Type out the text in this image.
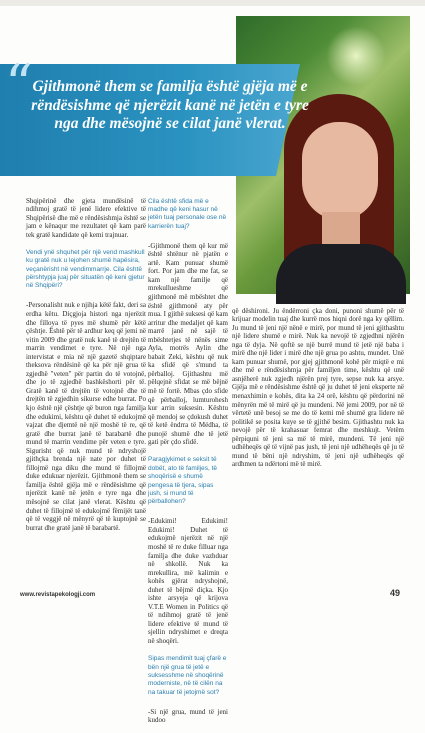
“ Gjithmonë them se familja është gjëja më e rëndësishme që njerëzit kanë në jetën e tyre nga dhe mësojnë se cilat janë vlerat.

Shqipërinë dhe gjeta mundësinë të ndihmoj gratë të jenë lidere efektive të Shqipërisë dhe më e rëndësishmja është se jam e kënaqur me rezultatet që kam parë tek gratë kandidate që kemi trajnuar.

Vendi ynë shquhet për një vend mashkull ku gratë nuk u lejohen shumë hapësira, veçanërisht në vendimmarrje. Cila është përshtypja juaj për situatën që keni gjetur në Shqipëri?

-Personalisht nuk e njihja këtë fakt, deri sa erdha këtu. Diçgjoja histori nga njerëzit dhe filloya të pyes më shumë për këtë çështje. Është për të ardhur keq që jemi në vitin 2009 dhe gratë nuk kanë të drejtën të marrin vendimet e tyre. Në një nga intervistat e mia në një gazetë shqiptare theksova rëndësinë që ka për një grua të zgjedhë "veten" për partin do të votojnë, dhe jo të zgjedhë bashkëshorti për të. Gratë kanë të drejtën të votojnë dhe të drejtën të zgjedhin sikurse edhe burrat. Po kjo është një çështje që buron nga familja dhe edukimi, kështu që duhet të edukojmë vajzat dhe djemtë në një moshë të re, që gratë dhe burrat janë të barabartë dhe mund të marrin vendime për veten e tyre. Sigurisht që nuk mund të ndryshojë gjithçka brenda një nate por duhet të fillojmë nga diku dhe mund të fillojmë duke edukuar njerëzit. Gjithmonë them se familja është gjëja më e rëndësishme që njerëzit kanë në jetën e tyre nga dhe mësojnë se cilat janë vlerat. Kështu që duhet të fillojmë të edukojmë fëmijët tanë që të veggjë në mënyrë që të kuptojnë se burrat dhe gratë janë të barabartë.

Cila është sfida më e madhe që keni hasur në jetën tuaj personale ose në karrierën tuaj?

-Gjithmonë them që kur më është shtënur në pjatën e artë. Kam punuar shumë fort. Por jam dhe me fat, se kam një familje që mrekullueshme që gjithmonë më mbështet dhe është gjithmonë aty për mua. I gjithë suksesi që kam arritur dhe medaljet që kam marrë janë në sajë të mbështetjes të nënës sime Ayla, motrës Aylin dhe babait Zeki, kështu që nuk ka sfidë që s'mund ta përballoj. Gjithashtu më pëlqejnë sfidat se më bëjnë më të fortë. Mbas çdo sfide që përballoj, lumturohesh kur arrin suksesin. Kështu që mendoj se çdokush duhet të ketë ëndrra të Médha, të punojë shumë dhe të jetë gati për çdo sfidë.

Paragjykimet e seksit të dobët, ato të familjes, të shoqërisë e shumë pengesa të tjera, sipas jush, si mund të përballohen?

-Edukimi! Edukimi! Edukimi! Duhet të edukojmë njerëzit në një moshë të re duke filluar nga familja dhe duke vazhduar në shkollë. Nuk ka mrekullira, më kalimin e kohës gjërat ndryshojnë, duhet të bëjmë diçka. Kjo ishte arsyeja që krijova V.T.E Women in Politics që të ndihmoj gratë të jenë lidere efektive të mund të sjellin ndryshimet e dreqta në shoqëri.

Sipas mendimit tuaj çfarë e bën një grua të jetë e suksesshme në shoqërinë moderniste, në të cilën na na takuar të jetojmë sot?

-Si një grua, mund të jeni kudoo

që dëshironi. Ju ëndërroni çka doni, punoni shumë për të krijuar modelin tuaj dhe kurrë mos hiqni dorë nga ky qëllim. Ju mund të jeni një nënë e mirë, por mund të jeni gjithashtu një lidere shumë e mirë. Nuk ka nevojë të zgjedhni njërën nga të dyja. Në qoftë se një burrë mund të jetë një baba i mirë dhe një lider i mirë dhe një grua po ashtu, mundet. Unë kam punuar shumë, por gjej gjithmonë kohë për miqtë e mi dhe më e rëndësishmja për familjen time, kështu që unë asnjëherë nuk zgjedh njërën prej tyre, sepse nuk ka arsye. Gjëja më e rëndësishme është që ju duhet të jeni eksperte në menaxhimin e kohës, dita ka 24 orë, kështu që përdorini në mënyrën më të mirë që ju mundeni. Në jemi 2009, por në të vërtetë unë besoj se me do të kemi më shumë gra lidere në politikë se posita kuye se të gjithë besim. Gjithashtu nuk ka nevojë për të krahasuar femrat dhe meshkujt. Vetëm përpiquni të jeni sa më të mirë, mundeni. Të jeni një udhëheqës që të vijnë pas jush, të jeni një udhëheqës që ju të mund të bëni një ndryshim, të jeni një udhëheqës që ardhmen ta ndërtoni më të mirë.

www.revistapekologji.com	49
